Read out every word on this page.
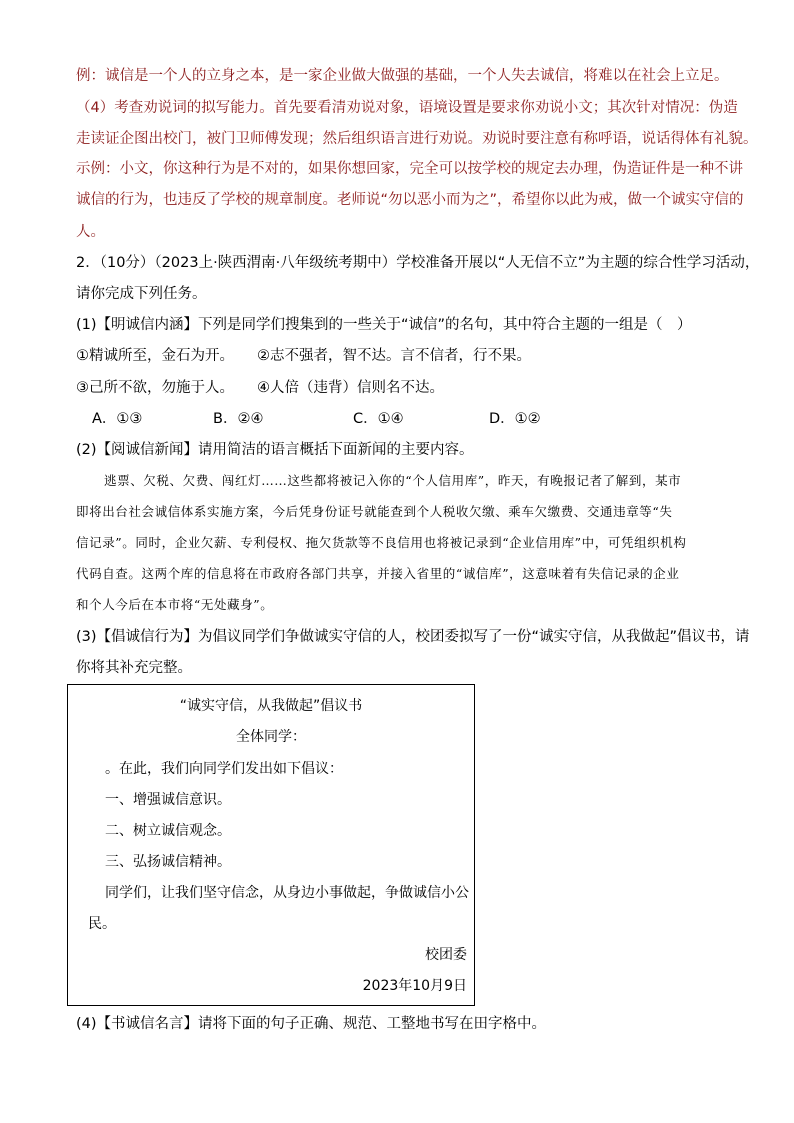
例：诚信是一个人的立身之本，是一家企业做大做强的基础，一个人失去诚信，将难以在社会上立足。
（4）考查劝说词的拟写能力。首先要看清劝说对象，语境设置是要求你劝说小文；其次针对情况：伪造
走读证企图出校门，被门卫师傅发现；然后组织语言进行劝说。劝说时要注意有称呼语，说话得体有礼貌。
示例：小文，你这种行为是不对的，如果你想回家，完全可以按学校的规定去办理，伪造证件是一种不讲
诚信的行为，也违反了学校的规章制度。老师说“勿以恶小而为之”，希望你以此为戒，做一个诚实守信的
人。
2．（10分）（2023上·陕西渭南·八年级统考期中）学校准备开展以“人无信不立”为主题的综合性学习活动，
请你完成下列任务。
(1)【明诚信内涵】下列是同学们搜集到的一些关于“诚信”的名句，其中符合主题的一组是（　）
①精诚所至，金石为开。 ②志不强者，智不达。言不信者，行不果。
③己所不欲，勿施于人。 ④人倍（违背）信则名不达。
A．①③	B．②④	C．①④	D．①②
(2)【阅诚信新闻】请用简洁的语言概括下面新闻的主要内容。
逃票、欠税、欠费、闯红灯……这些都将被记入你的“个人信用库”，昨天，有晚报记者了解到，某市
即将出台社会诚信体系实施方案，今后凭身份证号就能查到个人税收欠缴、乘车欠缴费、交通违章等“失
信记录”。同时，企业欠薪、专利侵权、拖欠货款等不良信用也将被记录到“企业信用库”中，可凭组织机构
代码自查。这两个库的信息将在市政府各部门共享，并接入省里的“诚信库”，这意味着有失信记录的企业
和个人今后在本市将“无处藏身”。
(3)【倡诚信行为】为倡议同学们争做诚实守信的人，校团委拟写了一份“诚实守信，从我做起”倡议书，请
你将其补充完整。
“诚实守信，从我做起”倡议书
全体同学：
。在此，我们向同学们发出如下倡议：
一、增强诚信意识。
二、树立诚信观念。
三、弘扬诚信精神。
同学们，让我们坚守信念，从身边小事做起，争做诚信小公
民。
校团委
2023年10月9日
(4)【书诚信名言】请将下面的句子正确、规范、工整地书写在田字格中。
